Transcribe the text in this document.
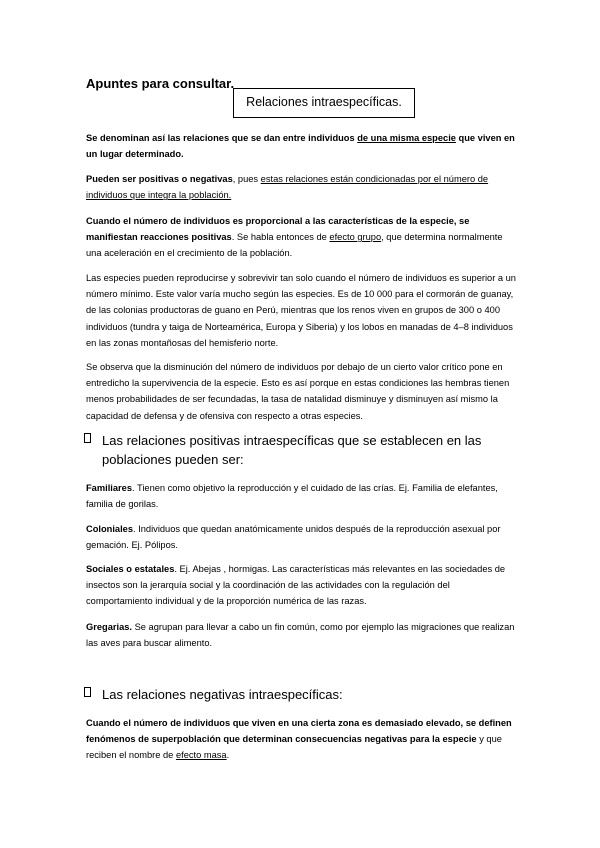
Apuntes para consultar.
Relaciones intraespecíficas.

Se denominan así las relaciones que se dan entre individuos de una misma especie que viven en un lugar determinado.

Pueden ser positivas o negativas, pues estas relaciones están condicionadas por el número de individuos que integra la población.

Cuando el número de individuos es proporcional a las características de la especie, se manifiestan reacciones positivas. Se habla entonces de efecto grupo, que determina normalmente una aceleración en el crecimiento de la población.

Las especies pueden reproducirse y sobrevivir tan solo cuando el número de individuos es superior a un número mínimo. Este valor varía mucho según las especies. Es de 10 000 para el cormorán de guanay, de las colonias productoras de guano en Perú, mientras que los renos viven en grupos de 300 o 400 individuos (tundra y taiga de Norteamérica, Europa y Siberia) y los lobos en manadas de 4–8 individuos en las zonas montañosas del hemisferio norte.

Se observa que la disminución del número de individuos por debajo de un cierto valor crítico pone en entredicho la supervivencia de la especie. Esto es así porque en estas condiciones las hembras tienen menos probabilidades de ser fecundadas, la tasa de natalidad disminuye y disminuyen así mismo la capacidad de defensa y de ofensiva con respecto a otras especies.

Las relaciones positivas intraespecíficas que se establecen en las poblaciones pueden ser:

Familiares. Tienen como objetivo la reproducción y el cuidado de las crías. Ej. Familia de elefantes, familia de gorilas.

Coloniales. Individuos que quedan anatómicamente unidos después de la reproducción asexual por gemación. Ej. Pólipos.

Sociales o estatales. Ej. Abejas , hormigas. Las características más relevantes en las sociedades de insectos son la jerarquía social y la coordinación de las actividades con la regulación del comportamiento individual y de la proporción numérica de las razas.

Gregarias. Se agrupan para llevar a cabo un fin común, como por ejemplo las migraciones que realizan las aves para buscar alimento.

Las relaciones negativas intraespecíficas:

Cuando el número de individuos que viven en una cierta zona es demasiado elevado, se definen fenómenos de superpoblación que determinan consecuencias negativas para la especie y que reciben el nombre de efecto masa.
